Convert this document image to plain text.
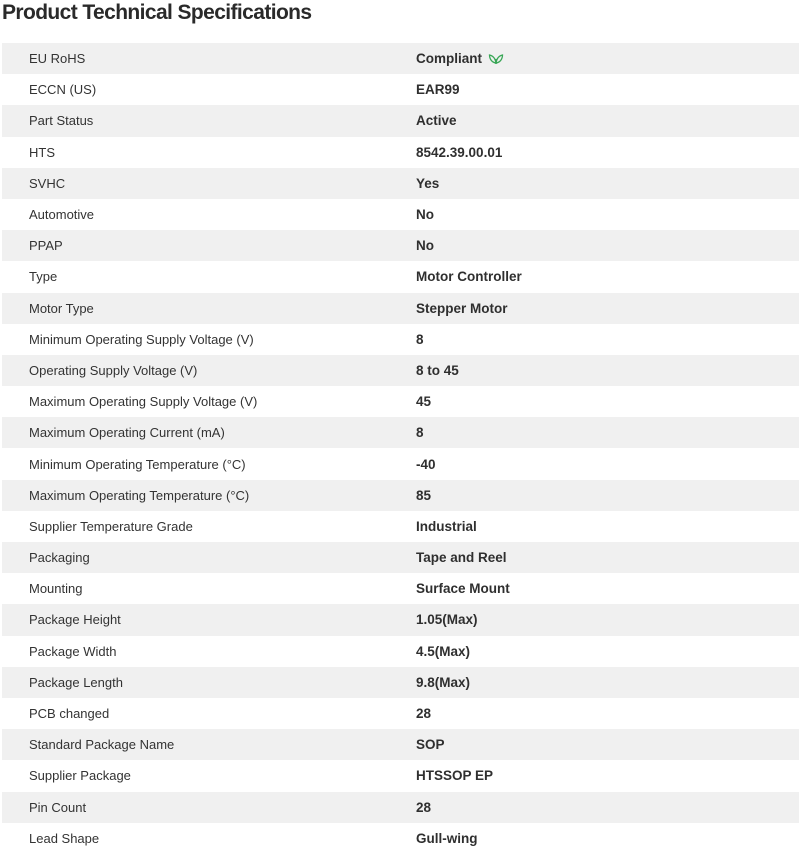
Product Technical Specifications
EU RoHS	Compliant
ECCN (US)	EAR99
Part Status	Active
HTS	8542.39.00.01
SVHC	Yes
Automotive	No
PPAP	No
Type	Motor Controller
Motor Type	Stepper Motor
Minimum Operating Supply Voltage (V)	8
Operating Supply Voltage (V)	8 to 45
Maximum Operating Supply Voltage (V)	45
Maximum Operating Current (mA)	8
Minimum Operating Temperature (°C)	-40
Maximum Operating Temperature (°C)	85
Supplier Temperature Grade	Industrial
Packaging	Tape and Reel
Mounting	Surface Mount
Package Height	1.05(Max)
Package Width	4.5(Max)
Package Length	9.8(Max)
PCB changed	28
Standard Package Name	SOP
Supplier Package	HTSSOP EP
Pin Count	28
Lead Shape	Gull-wing
